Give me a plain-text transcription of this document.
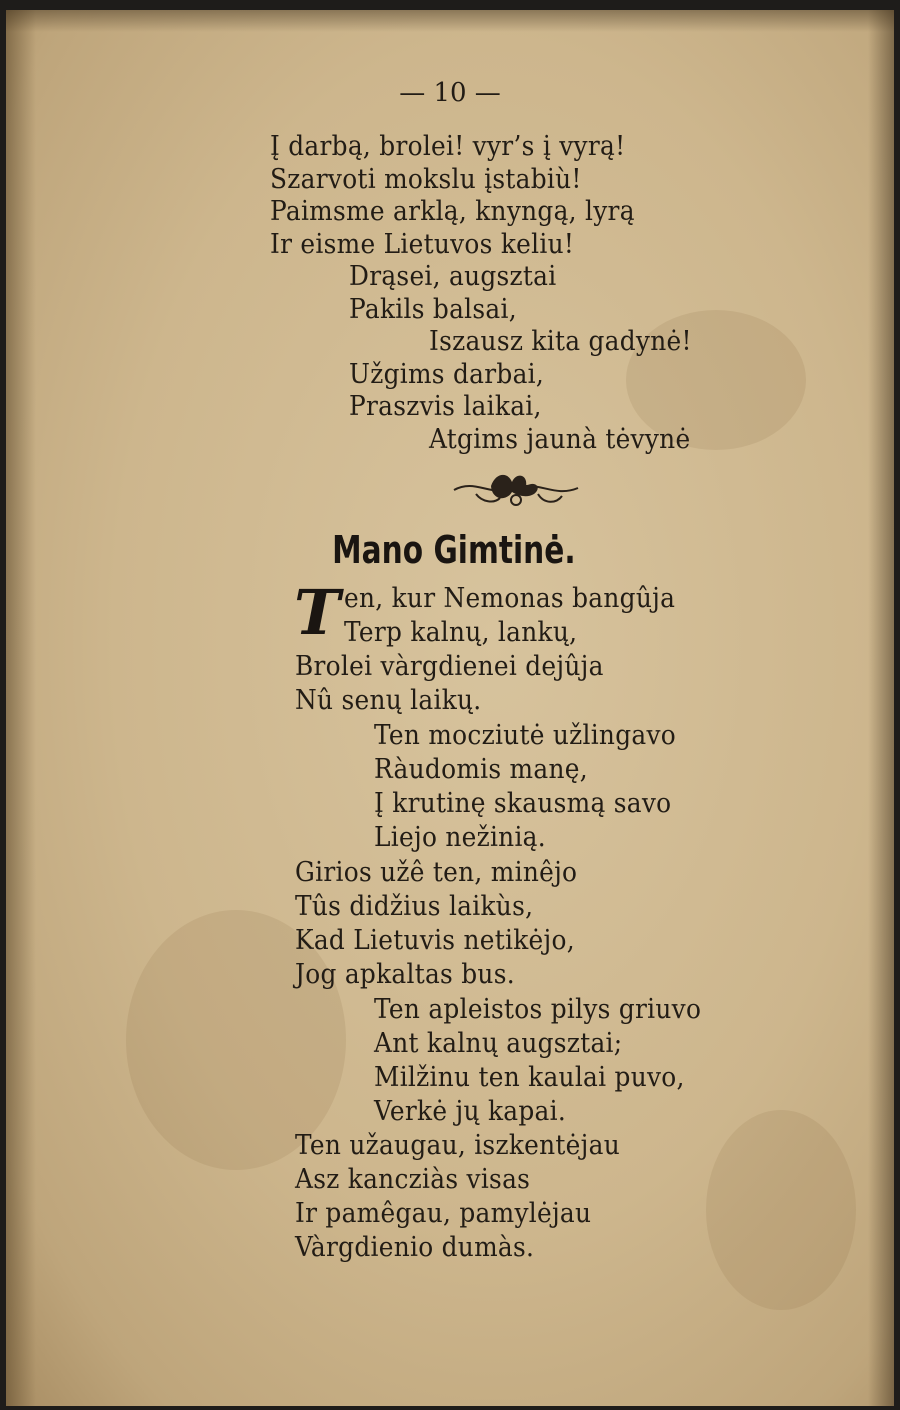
— 10 —
Į darbą, brolei! vyr’s į vyrą!
Szarvoti mokslu įstabiù!
Paimsme arklą, knyngą, lyrą
Ir eisme Lietuvos keliu!
Drąsei, augsztai
Pakils balsai,
Iszausz kita gadynė!
Užgims darbai,
Praszvis laikai,
Atgims jaunà tėvynė
Mano Gimtinė.
T en, kur Nemonas bangûja
Terp kalnų, lankų,
Brolei vàrgdienei dejûja
Nû senų laikų.
Ten mocziutė užlingavo
Ràudomis manę,
Į krutinę skausmą savo
Liejo nežinią.
Girios užê ten, minêjo
Tûs didžius laikùs,
Kad Lietuvis netikėjo,
Jog apkaltas bus.
Ten apleistos pilys griuvo
Ant kalnų augsztai;
Milžinu ten kaulai puvo,
Verkė jų kapai.
Ten užaugau, iszkentėjau
Asz kancziàs visas
Ir pamêgau, pamylėjau
Vàrgdienio dumàs.
